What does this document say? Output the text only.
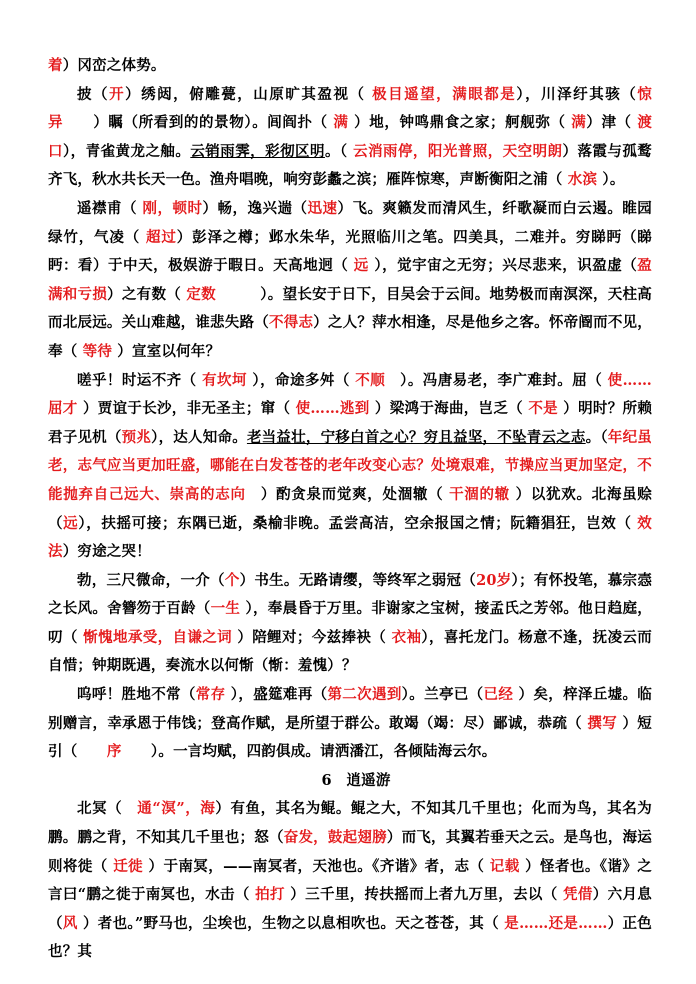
着）冈峦之体势。

披（开）绣闼，俯雕甍，山原旷其盈视（ 极目遥望，满眼都是），川泽纡其骇（惊异　　）瞩（所看到的的景物）。闾阎扑（ 满 ）地，钟鸣鼎食之家；舸舰弥（ 满）津（ 渡口），青雀黄龙之舳。云销雨霁，彩彻区明。（ 云消雨停，阳光普照，天空明朗）落霞与孤鹜齐飞，秋水共长天一色。渔舟唱晚，响穷彭蠡之滨；雁阵惊寒，声断衡阳之浦（ 水滨 ）。

遥襟甫（ 刚，顿时）畅，逸兴遄（迅速）飞。爽籁发而清风生，纤歌凝而白云遏。睢园绿竹，气凌（ 超过）彭泽之樽；邺水朱华，光照临川之笔。四美具，二难并。穷睇眄（睇眄：看）于中天，极娱游于暇日。天高地迥（ 远 ），觉宇宙之无穷；兴尽悲来，识盈虚（盈满和亏损）之有数（ 定数　　　）。望长安于日下，目吴会于云间。地势极而南溟深，天柱高而北辰远。关山难越，谁悲失路（不得志）之人？萍水相逢，尽是他乡之客。怀帝阍而不见，奉（ 等待 ）宣室以何年？

嗟乎！时运不齐（ 有坎坷 ），命途多舛（ 不顺　）。冯唐易老，李广难封。屈（ 使……屈才 ）贾谊于长沙，非无圣主；窜（ 使……逃到 ）梁鸿于海曲，岂乏（ 不是 ）明时？所赖君子见机（预兆），达人知命。老当益壮，宁移白首之心？穷且益坚，不坠青云之志。（年纪虽老，志气应当更加旺盛，哪能在白发苍苍的老年改变心志？处境艰难，节操应当更加坚定，不能抛弃自己远大、崇高的志向　）酌贪泉而觉爽，处涸辙（ 干涸的辙 ）以犹欢。北海虽赊（远），扶摇可接；东隅已逝，桑榆非晚。孟尝高洁，空余报国之情；阮籍猖狂，岂效（ 效法）穷途之哭！

勃，三尺微命，一介（个）书生。无路请缨，等终军之弱冠（20岁）；有怀投笔，慕宗悫之长风。舍簪笏于百龄（一生 ），奉晨昏于万里。非谢家之宝树，接孟氏之芳邻。他日趋庭，叨（ 惭愧地承受，自谦之词 ）陪鲤对；今兹捧袂（ 衣袖），喜托龙门。杨意不逢，抚凌云而自惜；钟期既遇，奏流水以何惭（惭：羞愧）？

呜呼！胜地不常（常存 ），盛筵难再（第二次遇到）。兰亭已（已经 ）矣，梓泽丘墟。临别赠言，幸承恩于伟饯；登高作赋，是所望于群公。敢竭（竭：尽）鄙诚，恭疏（ 撰写 ）短引（　　序　　）。一言均赋，四韵俱成。请洒潘江，各倾陆海云尔。

6　逍遥游

北冥（　通“溟”，海）有鱼，其名为鲲。鲲之大，不知其几千里也；化而为鸟，其名为鹏。鹏之背，不知其几千里也；怒（奋发，鼓起翅膀）而飞，其翼若垂天之云。是鸟也，海运则将徙（ 迁徙 ）于南冥，——南冥者，天池也。《齐谐》者，志（ 记载 ）怪者也。《谐》之言曰“鹏之徙于南冥也，水击（ 拍打 ）三千里，抟扶摇而上者九万里，去以（ 凭借）六月息（风 ）者也。”野马也，尘埃也，生物之以息相吹也。天之苍苍，其（ 是……还是……）正色也？其
